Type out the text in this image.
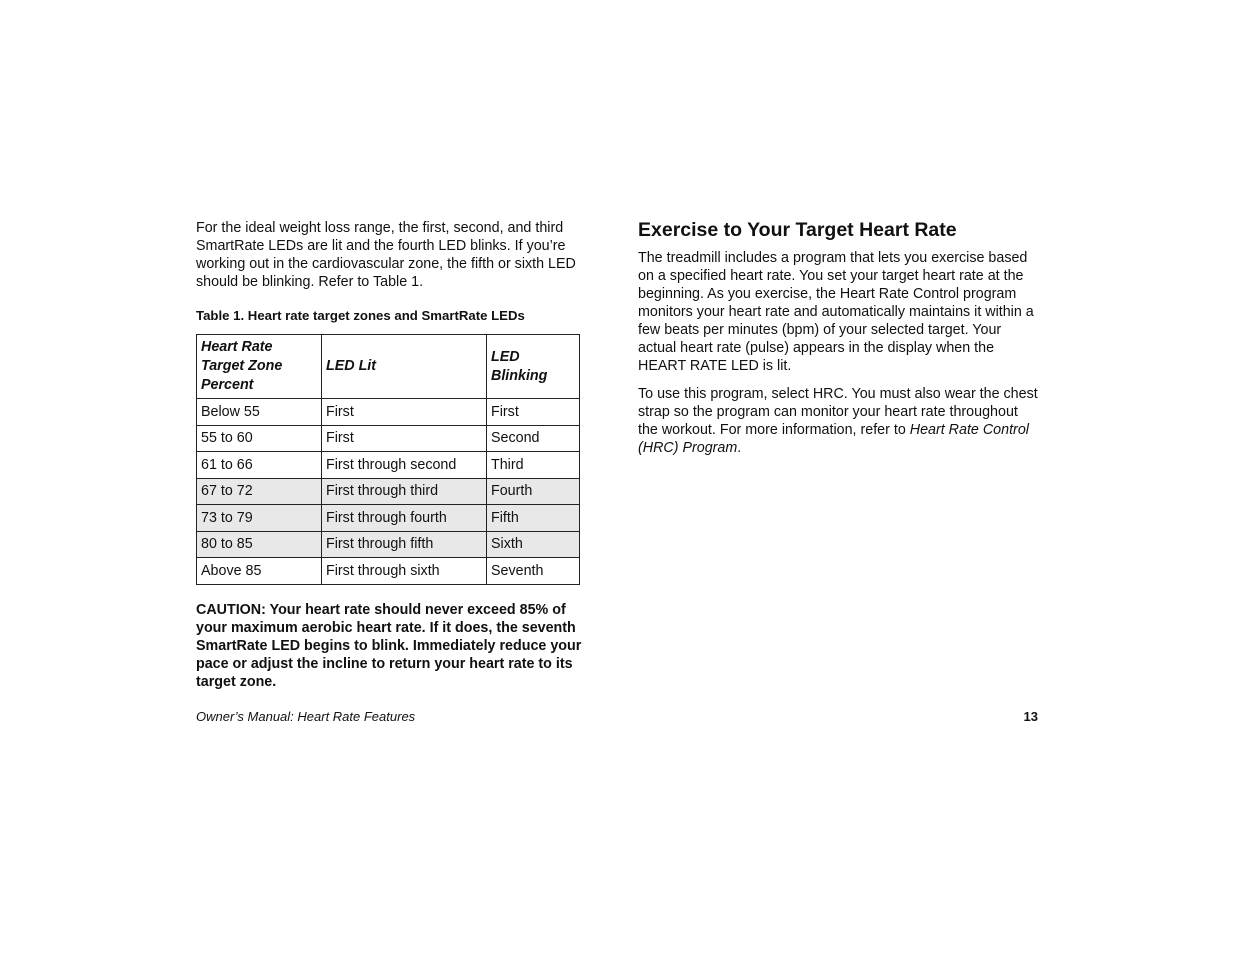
For the ideal weight loss range, the first, second, and third SmartRate LEDs are lit and the fourth LED blinks. If you’re working out in the cardiovascular zone, the fifth or sixth LED should be blinking. Refer to Table 1.

Table 1. Heart rate target zones and SmartRate LEDs

Heart Rate Target Zone Percent	LED Lit	LED Blinking
Below 55	First	First
55 to 60	First	Second
61 to 66	First through second	Third
67 to 72	First through third	Fourth
73 to 79	First through fourth	Fifth
80 to 85	First through fifth	Sixth
Above 85	First through sixth	Seventh

CAUTION: Your heart rate should never exceed 85% of your maximum aerobic heart rate. If it does, the seventh SmartRate LED begins to blink. Immediately reduce your pace or adjust the incline to return your heart rate to its target zone.

Exercise to Your Target Heart Rate

The treadmill includes a program that lets you exercise based on a specified heart rate. You set your target heart rate at the beginning. As you exercise, the Heart Rate Control program monitors your heart rate and automatically maintains it within a few beats per minutes (bpm) of your selected target. Your actual heart rate (pulse) appears in the display when the HEART RATE LED is lit.

To use this program, select HRC. You must also wear the chest strap so the program can monitor your heart rate throughout the workout. For more information, refer to Heart Rate Control (HRC) Program.

Owner’s Manual: Heart Rate Features	13
